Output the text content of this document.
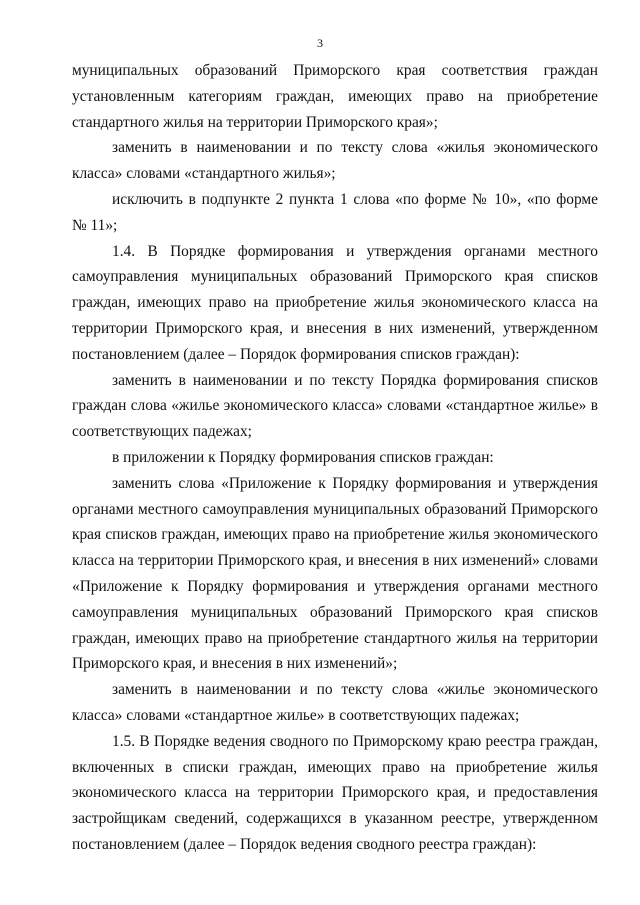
3
муниципальных образований Приморского края соответствия граждан
установленным категориям граждан, имеющих право на приобретение
стандартного жилья на территории Приморского края»;
заменить в наименовании и по тексту слова «жилья экономического
класса» словами «стандартного жилья»;
исключить в подпункте 2 пункта 1 слова «по форме № 10», «по форме
№ 11»;
1.4. В Порядке формирования и утверждения органами местного
самоуправления муниципальных образований Приморского края списков
граждан, имеющих право на приобретение жилья экономического класса на
территории Приморского края, и внесения в них изменений, утвержденном
постановлением (далее – Порядок формирования списков граждан):
заменить в наименовании и по тексту Порядка формирования списков
граждан слова «жилье экономического класса» словами «стандартное жилье» в
соответствующих падежах;
в приложении к Порядку формирования списков граждан:
заменить слова «Приложение к Порядку формирования и утверждения
органами местного самоуправления муниципальных образований Приморского
края списков граждан, имеющих право на приобретение жилья экономического
класса на территории Приморского края, и внесения в них изменений» словами
«Приложение к Порядку формирования и утверждения органами местного
самоуправления муниципальных образований Приморского края списков
граждан, имеющих право на приобретение стандартного жилья на территории
Приморского края, и внесения в них изменений»;
заменить в наименовании и по тексту слова «жилье экономического
класса» словами «стандартное жилье» в соответствующих падежах;
1.5. В Порядке ведения сводного по Приморскому краю реестра граждан,
включенных в списки граждан, имеющих право на приобретение жилья
экономического класса на территории Приморского края, и предоставления
застройщикам сведений, содержащихся в указанном реестре, утвержденном
постановлением (далее – Порядок ведения сводного реестра граждан):
